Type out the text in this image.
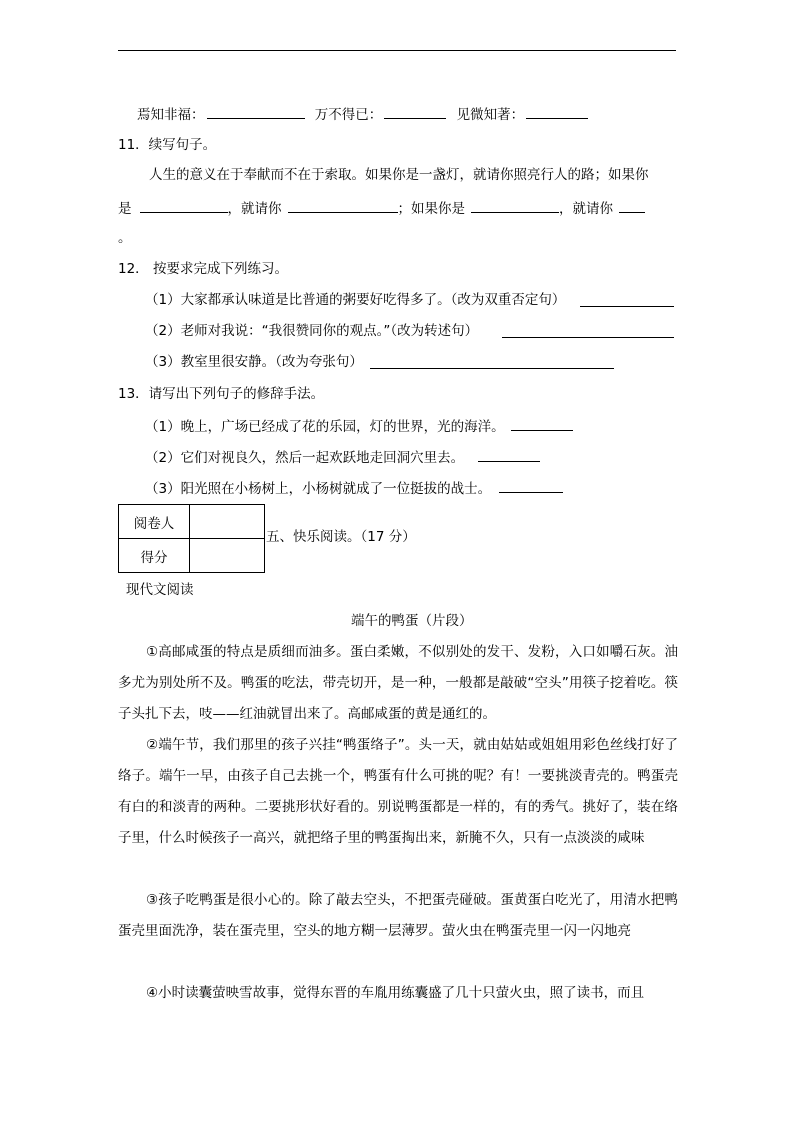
焉知非福：	万不得已：	见微知著：
11．续写句子。
人生的意义在于奉献而不在于索取。如果你是一盏灯，就请你照亮行人的路；如果你
是	，就请你	；如果你是	，就请你
。
12． 按要求完成下列练习。
（1）大家都承认味道是比普通的粥要好吃得多了。（改为双重否定句）
（2）老师对我说：“我很赞同你的观点。”（改为转述句）
（3）教室里很安静。（改为夸张句）
13．请写出下列句子的修辞手法。
（1）晚上，广场已经成了花的乐园，灯的世界，光的海洋。
（2）它们对视良久，然后一起欢跃地走回洞穴里去。
（3）阳光照在小杨树上，小杨树就成了一位挺拔的战士。
阅卷人	
得分	
五、快乐阅读。（17 分）
现代文阅读
端午的鸭蛋（片段）
①高邮咸蛋的特点是质细而油多。蛋白柔嫩，不似别处的发干、发粉，入口如嚼石灰。油多尤为别处所不及。鸭蛋的吃法，带壳切开，是一种，一般都是敲破“空头”用筷子挖着吃。筷子头扎下去，吱——红油就冒出来了。高邮咸蛋的黄是通红的。
②端午节，我们那里的孩子兴挂“鸭蛋络子”。头一天，就由姑姑或姐姐用彩色丝线打好了络子。端午一早，由孩子自己去挑一个，鸭蛋有什么可挑的呢？有！一要挑淡青壳的。鸭蛋壳有白的和淡青的两种。二要挑形状好看的。别说鸭蛋都是一样的，有的秀气。挑好了，装在络子里，什么时候孩子一高兴，就把络子里的鸭蛋掏出来，新腌不久，只有一点淡淡的咸味
③孩子吃鸭蛋是很小心的。除了敲去空头，不把蛋壳碰破。蛋黄蛋白吃光了，用清水把鸭蛋壳里面洗净，装在蛋壳里，空头的地方糊一层薄罗。萤火虫在鸭蛋壳里一闪一闪地亮
④小时读囊萤映雪故事，觉得东晋的车胤用练囊盛了几十只萤火虫，照了读书，而且
